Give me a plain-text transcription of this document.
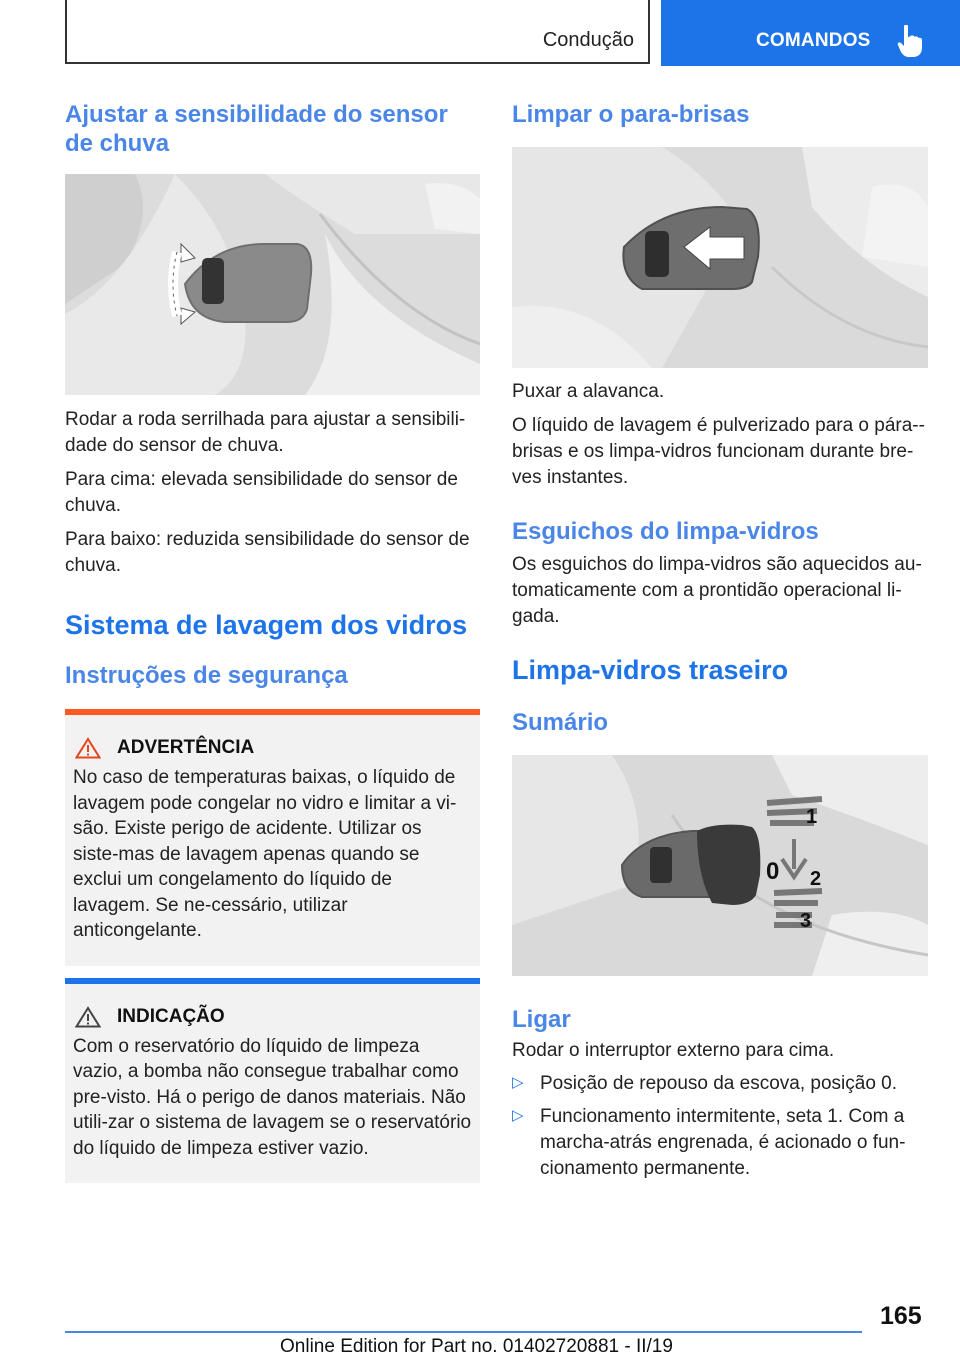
Condução	COMANDOS
Ajustar a sensibilidade do sensor de chuva

Rodar a roda serrilhada para ajustar a sensibili-dade do sensor de chuva.

Para cima: elevada sensibilidade do sensor de chuva.

Para baixo: reduzida sensibilidade do sensor de chuva.

Sistema de lavagem dos vidros
Instruções de segurança
ADVERTÊNCIA

No caso de temperaturas baixas, o líquido de lavagem pode congelar no vidro e limitar a vi-são. Existe perigo de acidente. Utilizar os siste-mas de lavagem apenas quando se exclui um congelamento do líquido de lavagem. Se ne-cessário, utilizar anticongelante.

INDICAÇÃO

Com o reservatório do líquido de limpeza vazio, a bomba não consegue trabalhar como pre-visto. Há o perigo de danos materiais. Não utili-zar o sistema de lavagem se o reservatório do líquido de limpeza estiver vazio.

Limpar o para-brisas

Puxar a alavanca.

O líquido de lavagem é pulverizado para o pára--brisas e os limpa-vidros funcionam durante bre-ves instantes.

Esguichos do limpa-vidros

Os esguichos do limpa-vidros são aquecidos au-tomaticamente com a prontidão operacional li-gada.

Limpa-vidros traseiro
Sumário
1
0 2
3
Ligar

Rodar o interruptor externo para cima.

▷ Posição de repouso da escova, posição 0.

▷ Funcionamento intermitente, seta 1. Com a marcha-atrás engrenada, é acionado o fun-cionamento permanente.

165
Online Edition for Part no. 01402720881 - II/19
